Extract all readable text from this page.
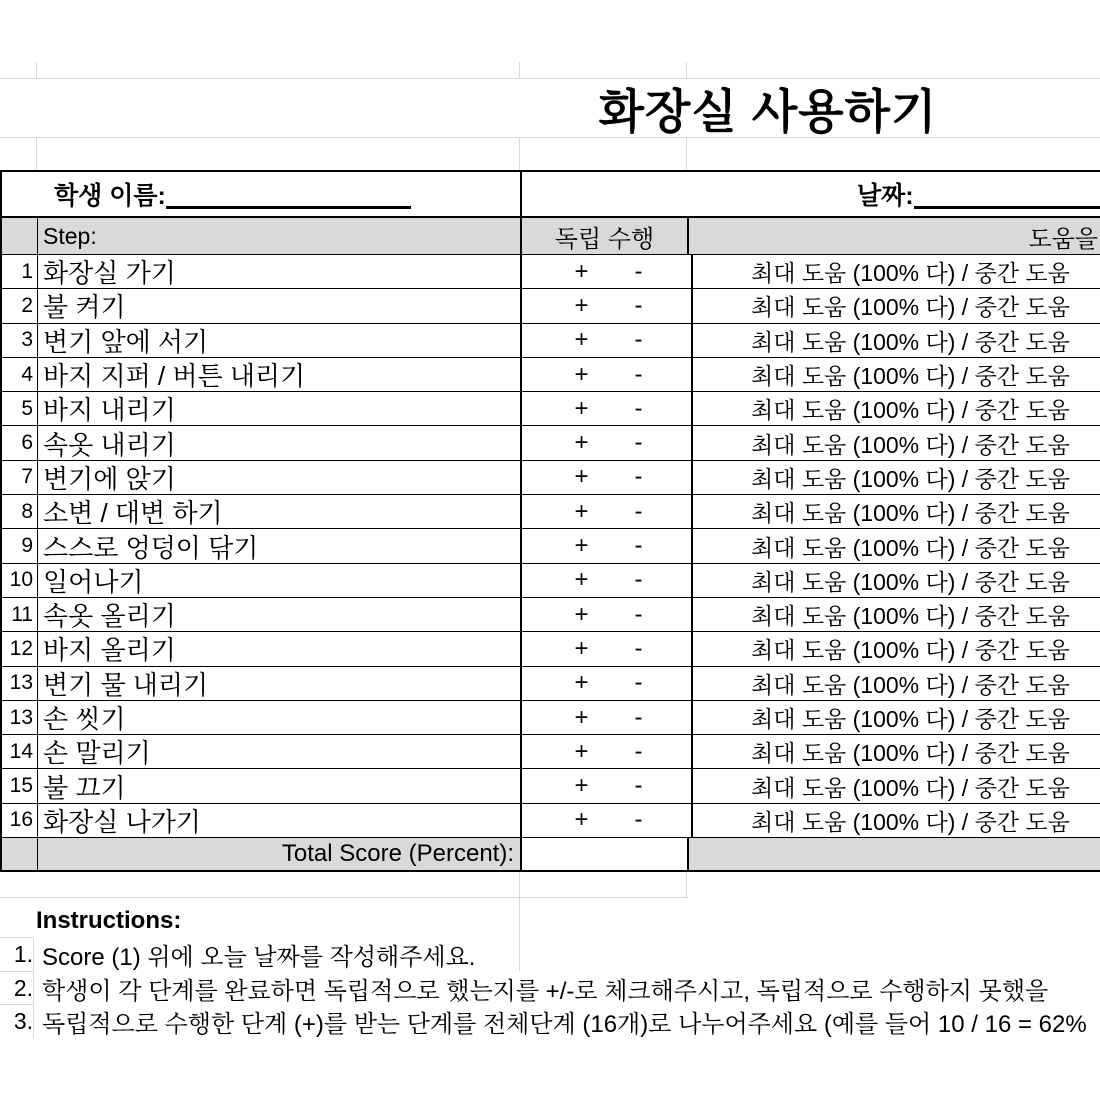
화장실 사용하기
학생 이름:	날짜:
Step:	독립 수행	도움을
1 화장실 가기	+ -	최대 도움 (100% 다) / 중간 도움
2 불 켜기	+ -	최대 도움 (100% 다) / 중간 도움
3 변기 앞에 서기	+ -	최대 도움 (100% 다) / 중간 도움
4 바지 지퍼 / 버튼 내리기	+ -	최대 도움 (100% 다) / 중간 도움
5 바지 내리기	+ -	최대 도움 (100% 다) / 중간 도움
6 속옷 내리기	+ -	최대 도움 (100% 다) / 중간 도움
7 변기에 앉기	+ -	최대 도움 (100% 다) / 중간 도움
8 소변 / 대변 하기	+ -	최대 도움 (100% 다) / 중간 도움
9 스스로 엉덩이 닦기	+ -	최대 도움 (100% 다) / 중간 도움
10 일어나기	+ -	최대 도움 (100% 다) / 중간 도움
11 속옷 올리기	+ -	최대 도움 (100% 다) / 중간 도움
12 바지 올리기	+ -	최대 도움 (100% 다) / 중간 도움
13 변기 물 내리기	+ -	최대 도움 (100% 다) / 중간 도움
13 손 씻기	+ -	최대 도움 (100% 다) / 중간 도움
14 손 말리기	+ -	최대 도움 (100% 다) / 중간 도움
15 불 끄기	+ -	최대 도움 (100% 다) / 중간 도움
16 화장실 나가기	+ -	최대 도움 (100% 다) / 중간 도움
Total Score (Percent):
Instructions:
1. Score (1) 위에 오늘 날짜를 작성해주세요.
2. 학생이 각 단계를 완료하면 독립적으로 했는지를 +/-로 체크해주시고, 독립적으로 수행하지 못했을
3. 독립적으로 수행한 단계 (+)를 받는 단계를 전체단계 (16개)로 나누어주세요 (예를 들어 10 / 16 = 62%
